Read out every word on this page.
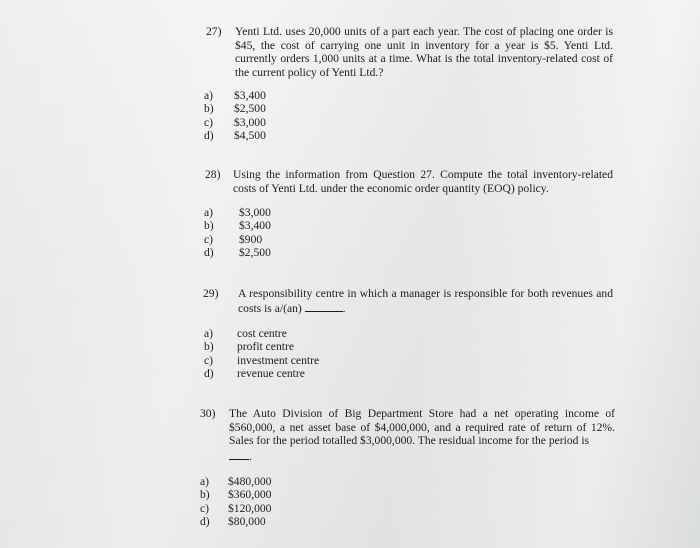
27) Yenti Ltd. uses 20,000 units of a part each year. The cost of placing one order is $45, the cost of carrying one unit in inventory for a year is $5. Yenti Ltd. currently orders 1,000 units at a time. What is the total inventory-related cost of the current policy of Yenti Ltd.?
a) $3,400
b) $2,500
c) $3,000
d) $4,500
28) Using the information from Question 27. Compute the total inventory-related costs of Yenti Ltd. under the economic order quantity (EOQ) policy.
a) $3,000
b) $3,400
c) $900
d) $2,500
29) A responsibility centre in which a manager is responsible for both revenues and costs is a/(an)	.
a) cost centre
b) profit centre
c) investment centre
d) revenue centre
30) The Auto Division of Big Department Store had a net operating income of $560,000, a net asset base of $4,000,000, and a required rate of return of 12%. Sales for the period totalled $3,000,000. The residual income for the period is
.
a) $480,000
b) $360,000
c) $120,000
d) $80,000
